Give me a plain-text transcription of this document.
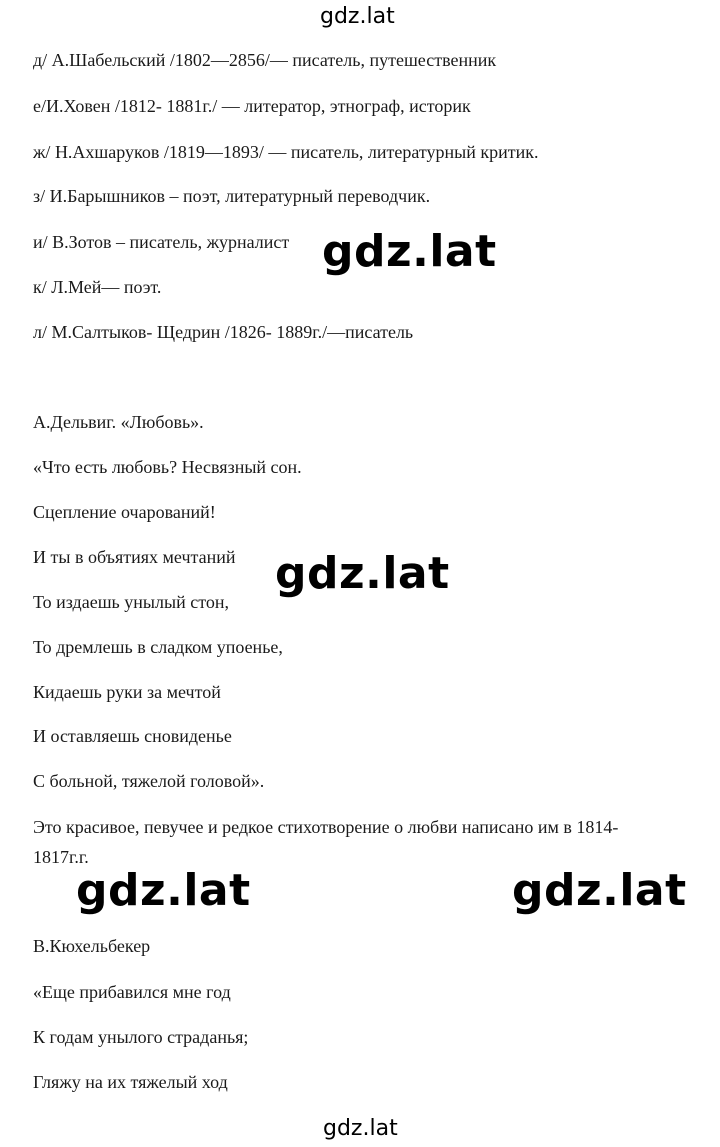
gdz.lat
д/ А.Шабельский /1802—2856/— писатель, путешественник
е/И.Ховен /1812- 1881г./ — литератор, этнограф, историк
ж/ Н.Ахшаруков /1819—1893/ — писатель, литературный критик.
з/ И.Барышников – поэт, литературный переводчик.
и/ В.Зотов – писатель, журналист
к/ Л.Мей— поэт.
л/ М.Салтыков- Щедрин /1826- 1889г./—писатель
gdz.lat
А.Дельвиг. «Любовь».
«Что есть любовь? Несвязный сон.
Сцепление очарований!
И ты в объятиях мечтаний
То издаешь унылый стон,
То дремлешь в сладком упоенье,
Кидаешь руки за мечтой
И оставляешь сновиденье
С больной, тяжелой головой».
gdz.lat
Это красивое, певучее и редкое стихотворение о любви написано им в 1814-
1817г.г.
gdz.lat	gdz.lat
В.Кюхельбекер
«Еще прибавился мне год
К годам унылого страданья;
Гляжу на их тяжелый ход
gdz.lat
